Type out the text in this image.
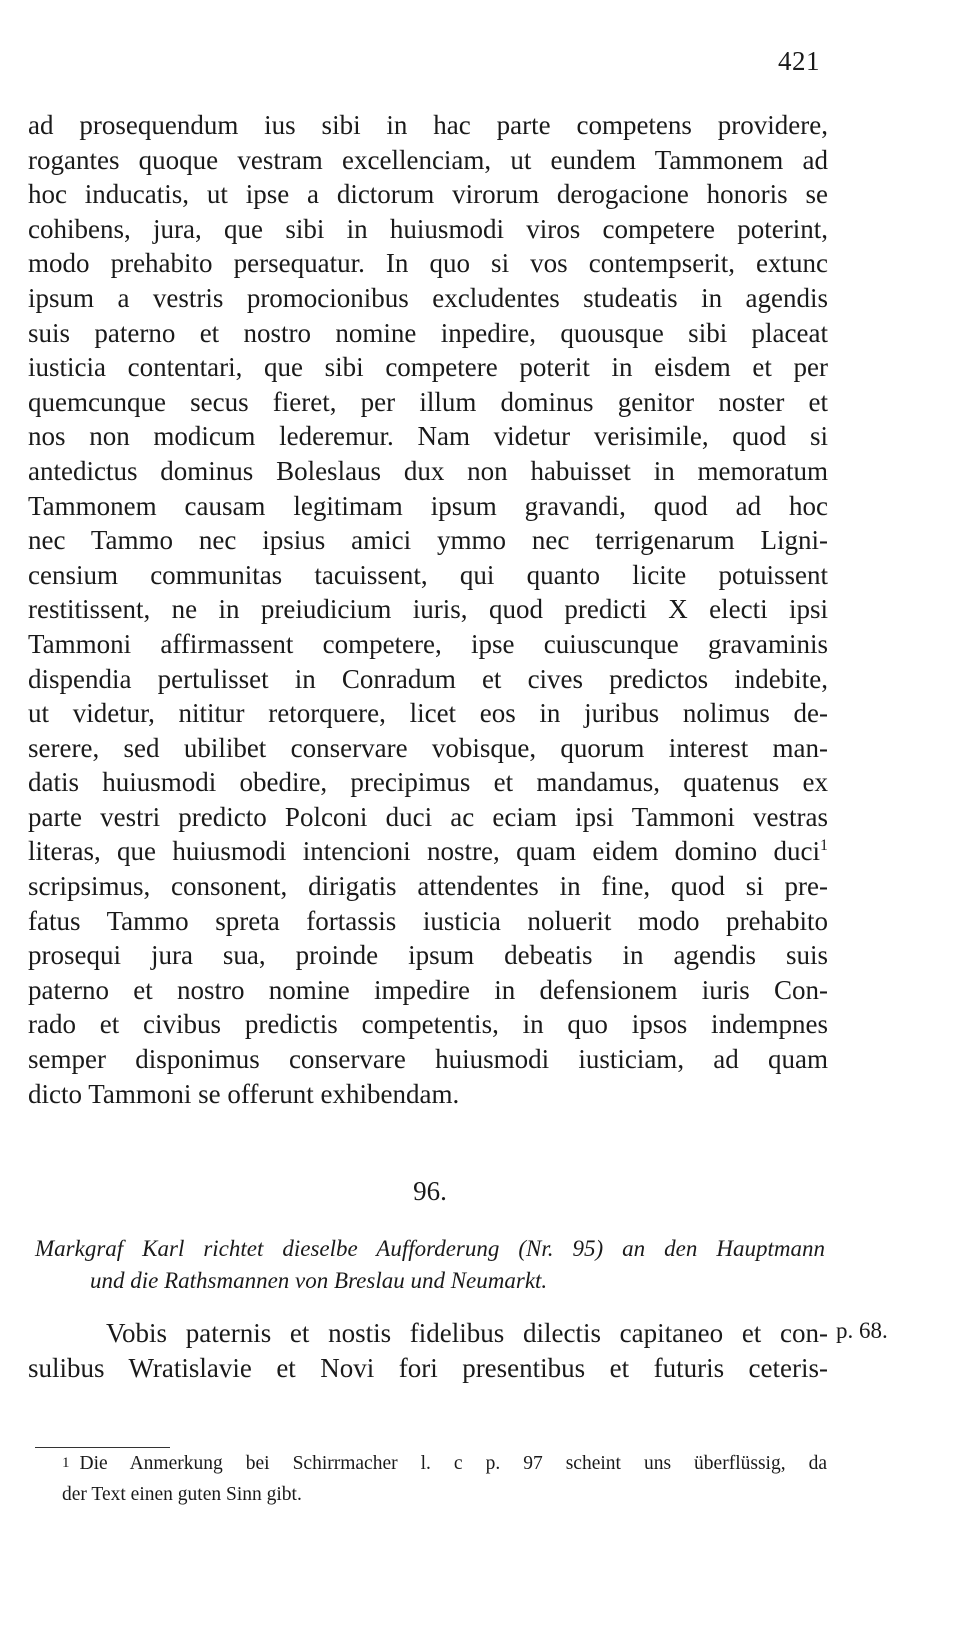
421
ad prosequendum ius sibi in hac parte competens providere,
rogantes quoque vestram excellenciam, ut eundem Tammonem ad
hoc inducatis, ut ipse a dictorum virorum derogacione honoris se
cohibens, jura, que sibi in huiusmodi viros competere poterint,
modo prehabito persequatur. In quo si vos contempserit, extunc
ipsum a vestris promocionibus excludentes studeatis in agendis
suis paterno et nostro nomine inpedire, quousque sibi placeat
iusticia contentari, que sibi competere poterit in eisdem et per
quemcunque secus fieret, per illum dominus genitor noster et
nos non modicum lederemur. Nam videtur verisimile, quod si
antedictus dominus Boleslaus dux non habuisset in memoratum
Tammonem causam legitimam ipsum gravandi, quod ad hoc
nec Tammo nec ipsius amici ymmo nec terrigenarum Ligni-
censium communitas tacuissent, qui quanto licite potuissent
restitissent, ne in preiudicium iuris, quod predicti X electi ipsi
Tammoni affirmassent competere, ipse cuiuscunque gravaminis
dispendia pertulisset in Conradum et cives predictos indebite,
ut videtur, nititur retorquere, licet eos in juribus nolimus de-
serere, sed ubilibet conservare vobisque, quorum interest man-
datis huiusmodi obedire, precipimus et mandamus, quatenus ex
parte vestri predicto Polconi duci ac eciam ipsi Tammoni vestras
literas, que huiusmodi intencioni nostre, quam eidem domino duci$^1$
scripsimus, consonent, dirigatis attendentes in fine, quod si pre-
fatus Tammo spreta fortassis iusticia noluerit modo prehabito
prosequi jura sua, proinde ipsum debeatis in agendis suis
paterno et nostro nomine impedire in defensionem iuris Con-
rado et civibus predictis competentis, in quo ipsos indempnes
semper disponimus conservare huiusmodi iusticiam, ad quam
dicto Tammoni se offerunt exhibendam.
96.
Markgraf Karl richtet dieselbe Aufforderung (Nr. 95) an den Hauptmann
und die Rathsmannen von Breslau und Neumarkt.
Vobis paternis et nostis fidelibus dilectis capitaneo et con-
sulibus Wratislavie et Novi fori presentibus et futuris ceteris-
p. 68.
1 Die Anmerkung bei Schirrmacher l. c p. 97 scheint uns überflüssig, da
der Text einen guten Sinn gibt.
